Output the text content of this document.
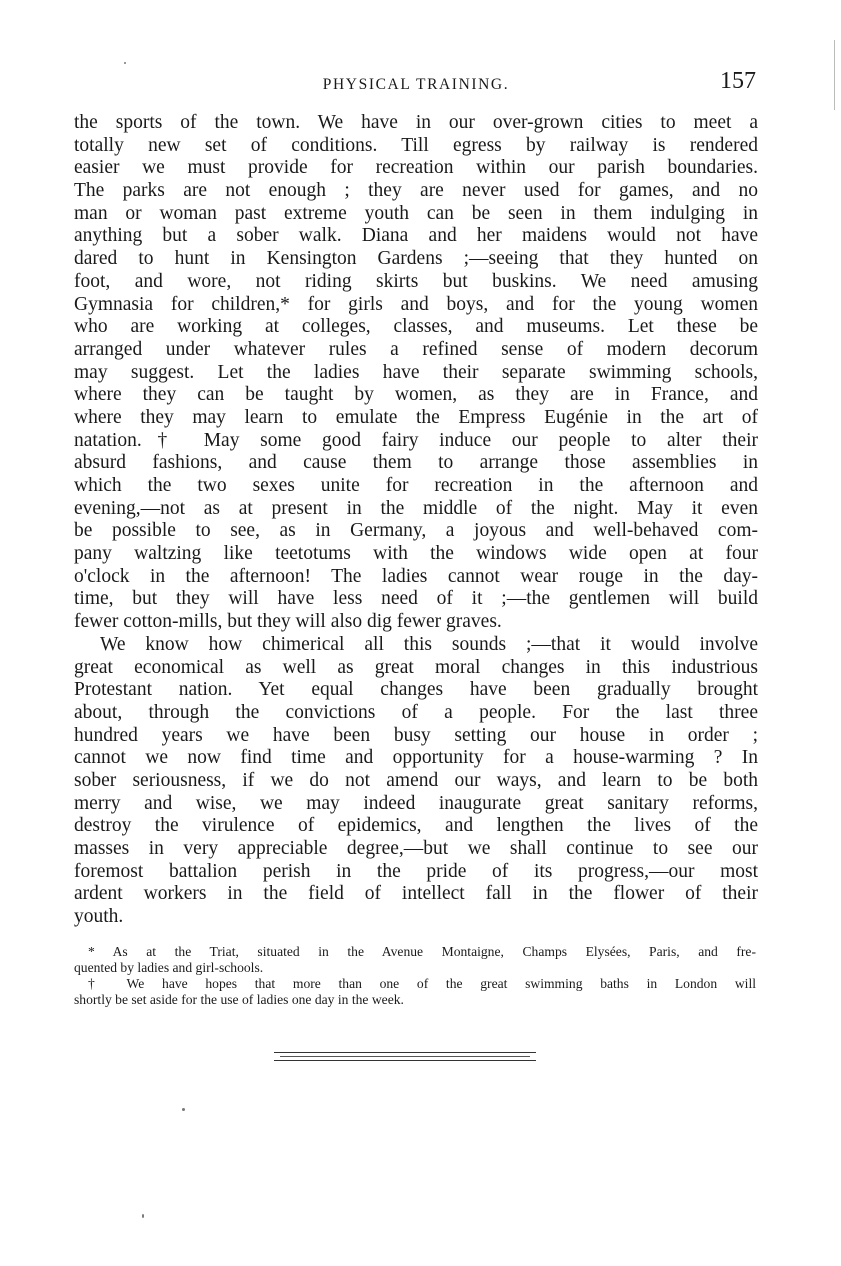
PHYSICAL TRAINING.	157
the sports of the town. We have in our over-grown cities to meet a
totally new set of conditions. Till egress by railway is rendered
easier we must provide for recreation within our parish boundaries.
The parks are not enough ; they are never used for games, and no
man or woman past extreme youth can be seen in them indulging in
anything but a sober walk. Diana and her maidens would not have
dared to hunt in Kensington Gardens ;—seeing that they hunted on
foot, and wore, not riding skirts but buskins. We need amusing
Gymnasia for children,* for girls and boys, and for the young women
who are working at colleges, classes, and museums. Let these be
arranged under whatever rules a refined sense of modern decorum
may suggest. Let the ladies have their separate swimming schools,
where they can be taught by women, as they are in France, and
where they may learn to emulate the Empress Eugénie in the art of
natation.† May some good fairy induce our people to alter their
absurd fashions, and cause them to arrange those assemblies in
which the two sexes unite for recreation in the afternoon and
evening,—not as at present in the middle of the night. May it even
be possible to see, as in Germany, a joyous and well-behaved com-
pany waltzing like teetotums with the windows wide open at four
o'clock in the afternoon! The ladies cannot wear rouge in the day-
time, but they will have less need of it ;—the gentlemen will build
fewer cotton-mills, but they will also dig fewer graves.
We know how chimerical all this sounds ;—that it would involve
great economical as well as great moral changes in this industrious
Protestant nation. Yet equal changes have been gradually brought
about, through the convictions of a people. For the last three
hundred years we have been busy setting our house in order ;
cannot we now find time and opportunity for a house-warming ? In
sober seriousness, if we do not amend our ways, and learn to be both
merry and wise, we may indeed inaugurate great sanitary reforms,
destroy the virulence of epidemics, and lengthen the lives of the
masses in very appreciable degree,—but we shall continue to see our
foremost battalion perish in the pride of its progress,—our most
ardent workers in the field of intellect fall in the flower of their
youth.
* As at the Triat, situated in the Avenue Montaigne, Champs Elysées, Paris, and fre-
quented by ladies and girl-schools.
† We have hopes that more than one of the great swimming baths in London will
shortly be set aside for the use of ladies one day in the week.
